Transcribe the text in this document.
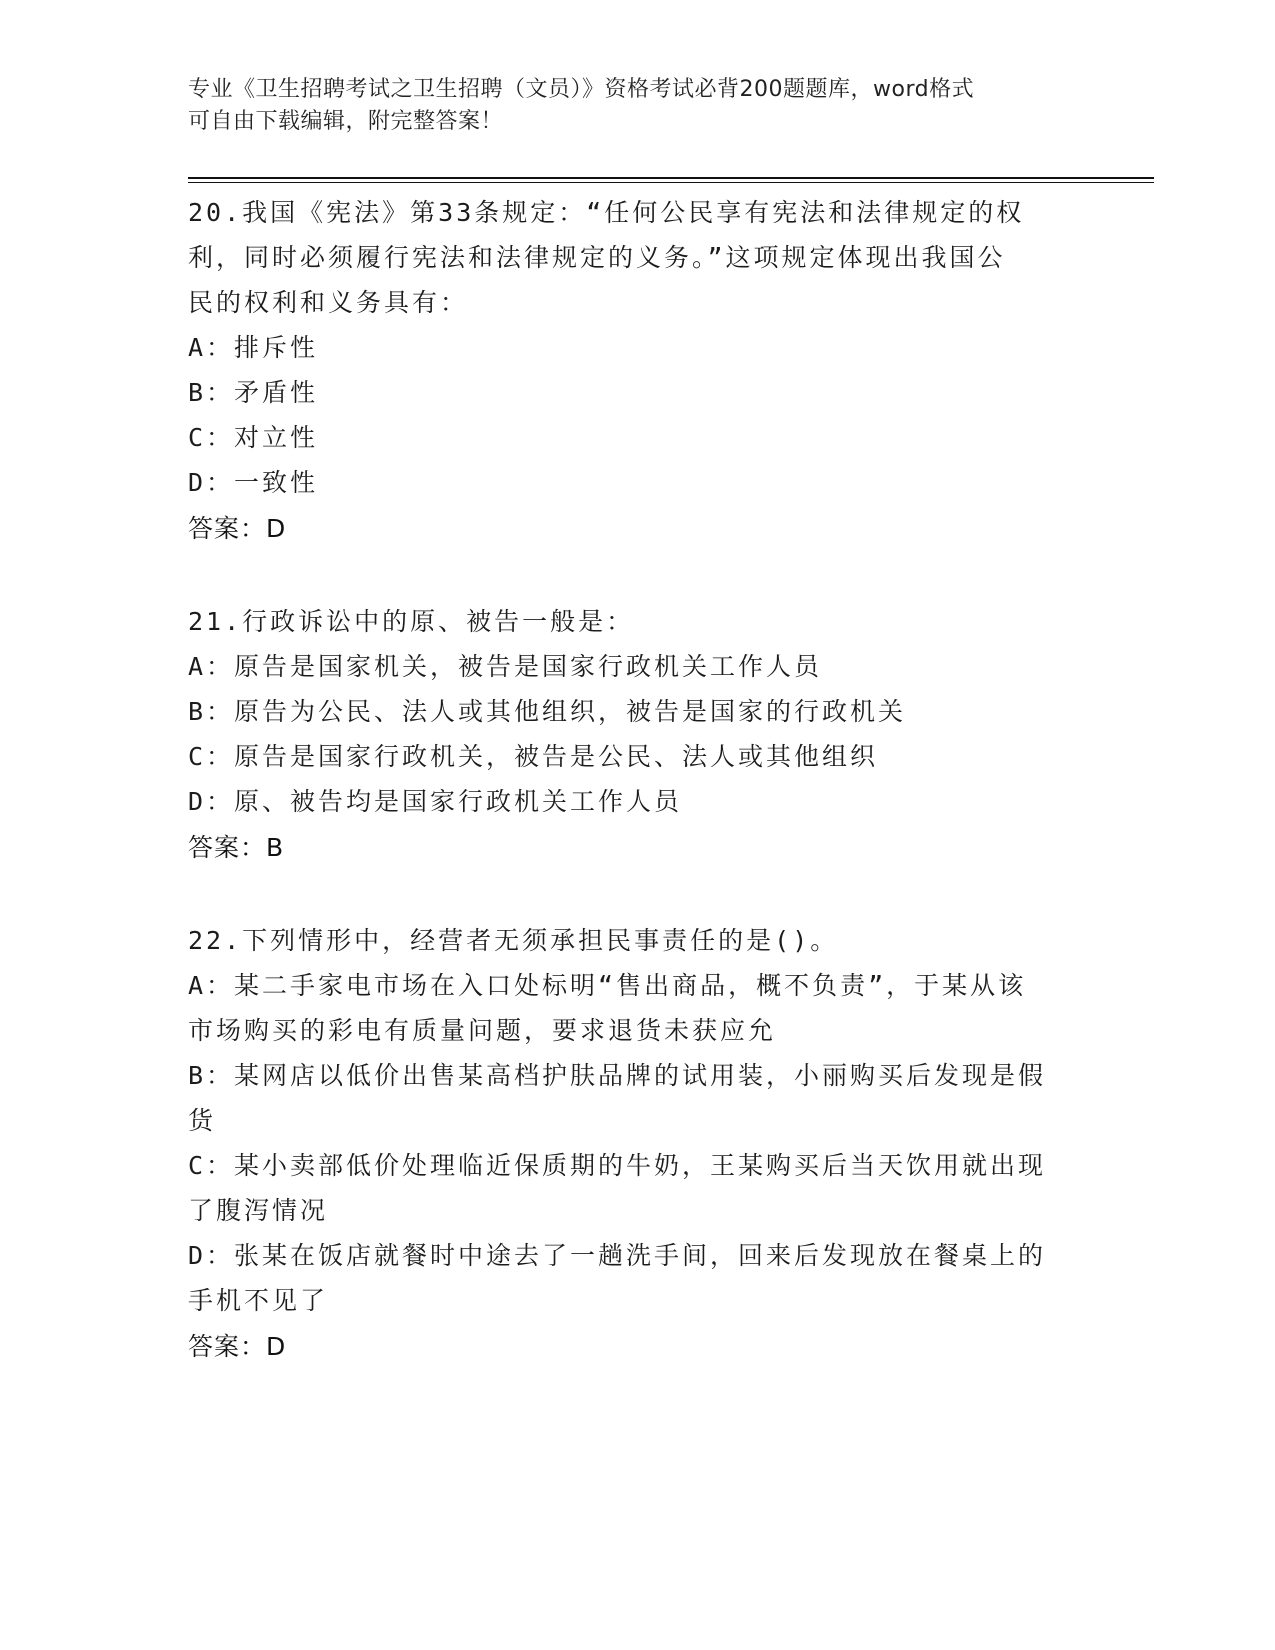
专业《卫生招聘考试之卫生招聘（文员）》资格考试必背200题题库，word格式
可自由下载编辑，附完整答案！
20.我国《宪法》第33条规定：“任何公民享有宪法和法律规定的权
利，同时必须履行宪法和法律规定的义务。”这项规定体现出我国公
民的权利和义务具有：
A：排斥性
B：矛盾性
C：对立性
D：一致性
答案：D
21.行政诉讼中的原、被告一般是：
A：原告是国家机关，被告是国家行政机关工作人员
B：原告为公民、法人或其他组织，被告是国家的行政机关
C：原告是国家行政机关，被告是公民、法人或其他组织
D：原、被告均是国家行政机关工作人员
答案：B
22.下列情形中，经营者无须承担民事责任的是()。
A：某二手家电市场在入口处标明“售出商品，概不负责”，于某从该
市场购买的彩电有质量问题，要求退货未获应允
B：某网店以低价出售某高档护肤品牌的试用装，小丽购买后发现是假
货
C：某小卖部低价处理临近保质期的牛奶，王某购买后当天饮用就出现
了腹泻情况
D：张某在饭店就餐时中途去了一趟洗手间，回来后发现放在餐桌上的
手机不见了
答案：D
